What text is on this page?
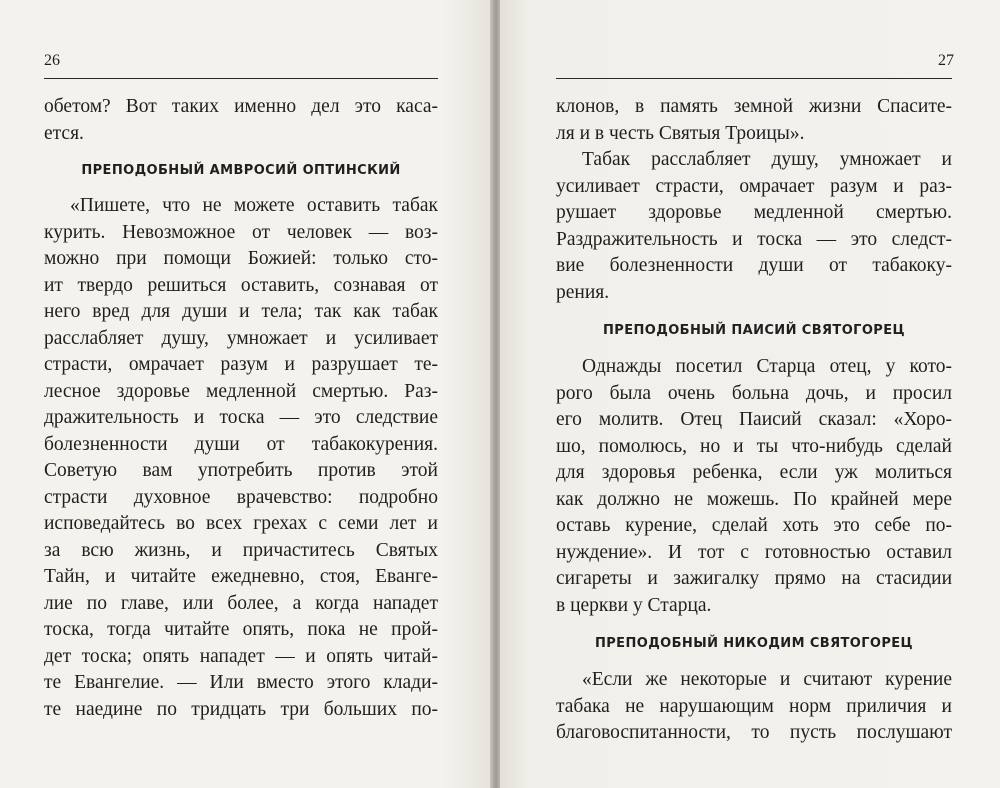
26
обетом? Вот таких именно дел это каса-
ется.
ПРЕПОДОБНЫЙ АМВРОСИЙ ОПТИНСКИЙ
«Пишете, что не можете оставить табак
курить. Невозможное от человек — воз-
можно при помощи Божией: только сто-
ит твердо решиться оставить, сознавая от
него вред для души и тела; так как табак
расслабляет душу, умножает и усиливает
страсти, омрачает разум и разрушает те-
лесное здоровье медленной смертью. Раз-
дражительность и тоска — это следствие
болезненности души от табакокурения.
Советую вам употребить против этой
страсти духовное врачевство: подробно
исповедайтесь во всех грехах с семи лет и
за всю жизнь, и причаститесь Святых
Тайн, и читайте ежедневно, стоя, Еванге-
лие по главе, или более, а когда нападет
тоска, тогда читайте опять, пока не прой-
дет тоска; опять нападет — и опять читай-
те Евангелие. — Или вместо этого клади-
те наедине по тридцать три больших по-
27
клонов, в память земной жизни Спасите-
ля и в честь Святыя Троицы».
Табак расслабляет душу, умножает и
усиливает страсти, омрачает разум и раз-
рушает здоровье медленной смертью.
Раздражительность и тоска — это следст-
вие болезненности души от табакоку-
рения.
ПРЕПОДОБНЫЙ ПАИСИЙ СВЯТОГОРЕЦ
Однажды посетил Старца отец, у кото-
рого была очень больна дочь, и просил
его молитв. Отец Паисий сказал: «Хоро-
шо, помолюсь, но и ты что-нибудь сделай
для здоровья ребенка, если уж молиться
как должно не можешь. По крайней мере
оставь курение, сделай хоть это себе по-
нуждение». И тот с готовностью оставил
сигареты и зажигалку прямо на стасидии
в церкви у Старца.
ПРЕПОДОБНЫЙ НИКОДИМ СВЯТОГОРЕЦ
«Если же некоторые и считают курение
табака не нарушающим норм приличия и
благовоспитанности, то пусть послушают
